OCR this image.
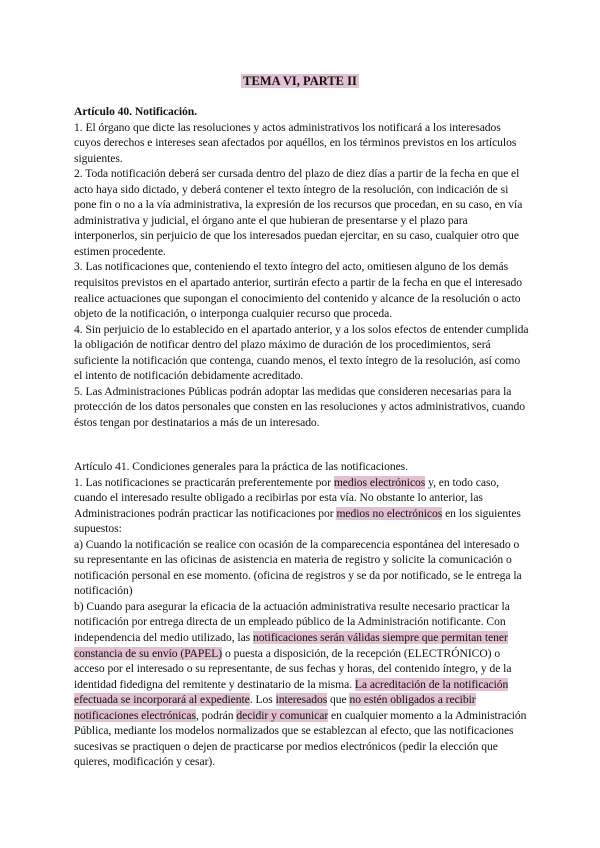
TEMA VI, PARTE II

Artículo 40. Notificación.

1. El órgano que dicte las resoluciones y actos administrativos los notificará a los interesados cuyos derechos e intereses sean afectados por aquéllos, en los términos previstos en los artículos siguientes.

2. Toda notificación deberá ser cursada dentro del plazo de diez días a partir de la fecha en que el acto haya sido dictado, y deberá contener el texto íntegro de la resolución, con indicación de si pone fin o no a la vía administrativa, la expresión de los recursos que procedan, en su caso, en vía administrativa y judicial, el órgano ante el que hubieran de presentarse y el plazo para interponerlos, sin perjuicio de que los interesados puedan ejercitar, en su caso, cualquier otro que estimen procedente.

3. Las notificaciones que, conteniendo el texto íntegro del acto, omitiesen alguno de los demás requisitos previstos en el apartado anterior, surtirán efecto a partir de la fecha en que el interesado realice actuaciones que supongan el conocimiento del contenido y alcance de la resolución o acto objeto de la notificación, o interponga cualquier recurso que proceda.

4. Sin perjuicio de lo establecido en el apartado anterior, y a los solos efectos de entender cumplida la obligación de notificar dentro del plazo máximo de duración de los procedimientos, será suficiente la notificación que contenga, cuando menos, el texto íntegro de la resolución, así como el intento de notificación debidamente acreditado.

5. Las Administraciones Públicas podrán adoptar las medidas que consideren necesarias para la protección de los datos personales que consten en las resoluciones y actos administrativos, cuando éstos tengan por destinatarios a más de un interesado.

Artículo 41. Condiciones generales para la práctica de las notificaciones.

1. Las notificaciones se practicarán preferentemente por medios electrónicos y, en todo caso, cuando el interesado resulte obligado a recibirlas por esta vía. No obstante lo anterior, las Administraciones podrán practicar las notificaciones por medios no electrónicos en los siguientes supuestos:

a) Cuando la notificación se realice con ocasión de la comparecencia espontánea del interesado o su representante en las oficinas de asistencia en materia de registro y solicite la comunicación o notificación personal en ese momento. (oficina de registros y se da por notificado, se le entrega la notificación)

b) Cuando para asegurar la eficacia de la actuación administrativa resulte necesario practicar la notificación por entrega directa de un empleado público de la Administración notificante. Con independencia del medio utilizado, las notificaciones serán válidas siempre que permitan tener constancia de su envío (PAPEL) o puesta a disposición, de la recepción (ELECTRÓNICO) o acceso por el interesado o su representante, de sus fechas y horas, del contenido íntegro, y de la identidad fidedigna del remitente y destinatario de la misma. La acreditación de la notificación efectuada se incorporará al expediente. Los interesados que no estén obligados a recibir notificaciones electrónicas, podrán decidir y comunicar en cualquier momento a la Administración Pública, mediante los modelos normalizados que se establezcan al efecto, que las notificaciones sucesivas se practiquen o dejen de practicarse por medios electrónicos (pedir la elección que quieres, modificación y cesar).
